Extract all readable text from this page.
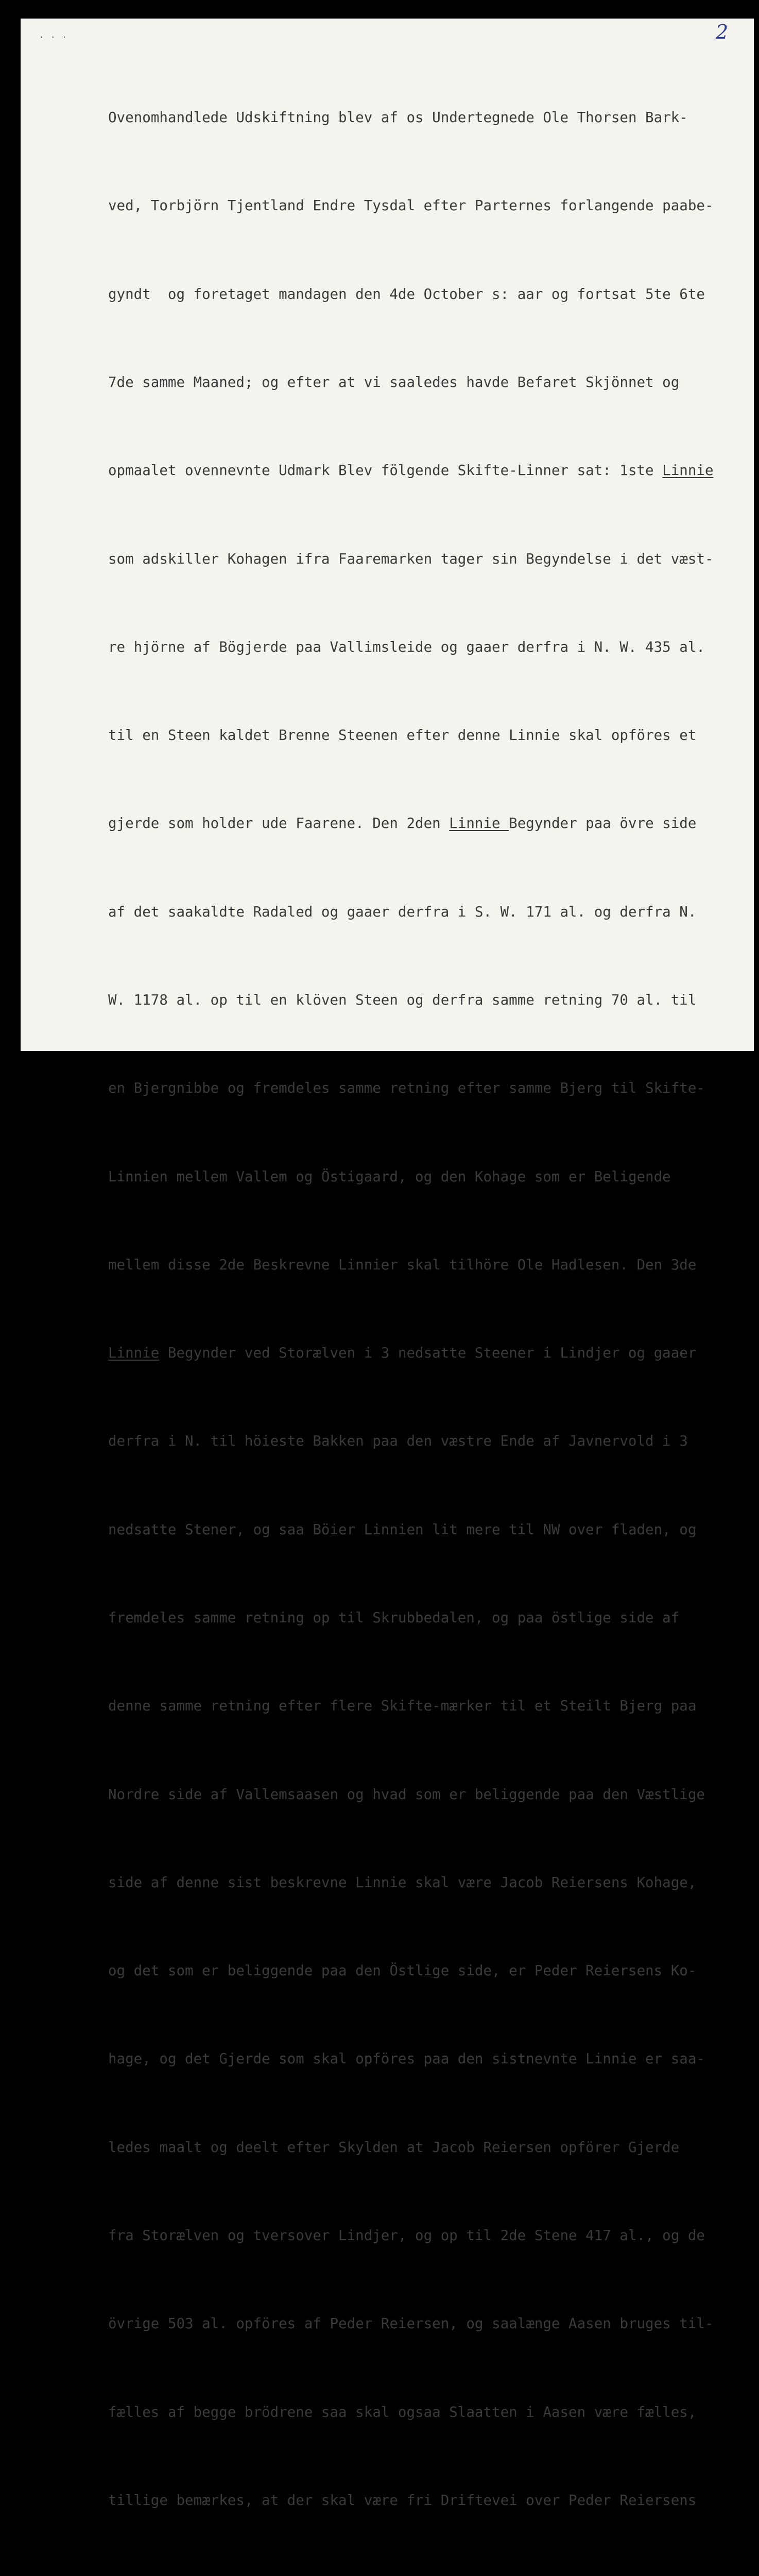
. . .	2

Ovenomhandlede Udskiftning blev af os Undertegnede Ole Thorsen Bark-

ved, Torbjörn Tjentland Endre Tysdal efter Parternes forlangende paabe-

gyndt  og foretaget mandagen den 4de October s: aar og fortsat 5te 6te

7de samme Maaned; og efter at vi saaledes havde Befaret Skjönnet og

opmaalet ovennevnte Udmark Blev fölgende Skifte-Linner sat: 1ste Linnie

som adskiller Kohagen ifra Faaremarken tager sin Begyndelse i det væst-

re hjörne af Bögjerde paa Vallimsleide og gaaer derfra i N. W. 435 al.

til en Steen kaldet Brenne Steenen efter denne Linnie skal opföres et

gjerde som holder ude Faarene. Den 2den Linnie Begynder paa övre side

af det saakaldte Radaled og gaaer derfra i S. W. 171 al. og derfra N.

W. 1178 al. op til en klöven Steen og derfra samme retning 70 al. til

en Bjergnibbe og fremdeles samme retning efter samme Bjerg til Skifte-

Linnien mellem Vallem og Östigaard, og den Kohage som er Beligende

mellem disse 2de Beskrevne Linnier skal tilhöre Ole Hadlesen. Den 3de

Linnie Begynder ved Storælven i 3 nedsatte Steener i Lindjer og gaaer

derfra i N. til höieste Bakken paa den væstre Ende af Javnervold i 3

nedsatte Stener, og saa Böier Linnien lit mere til NW over fladen, og

fremdeles samme retning op til Skrubbedalen, og paa östlige side af

denne samme retning efter flere Skifte-mærker til et Steilt Bjerg paa

Nordre side af Vallemsaasen og hvad som er beliggende paa den Væstlige

side af denne sist beskrevne Linnie skal være Jacob Reiersens Kohage,

og det som er beliggende paa den Östlige side, er Peder Reiersens Ko-

hage, og det Gjerde som skal opföres paa den sistnevnte Linnie er saa-

ledes maalt og deelt efter Skylden at Jacob Reiersen opförer Gjerde

fra Storælven og tversover Lindjer, og op til 2de Stene 417 al., og de

övrige 503 al. opföres af Peder Reiersen, og saalænge Aasen bruges til-

fælles af begge brödrene saa skal ogsaa Slaatten i Aasen være fælles,

tillige bemærkes, at der skal være fri Driftevei over Peder Reiersens
